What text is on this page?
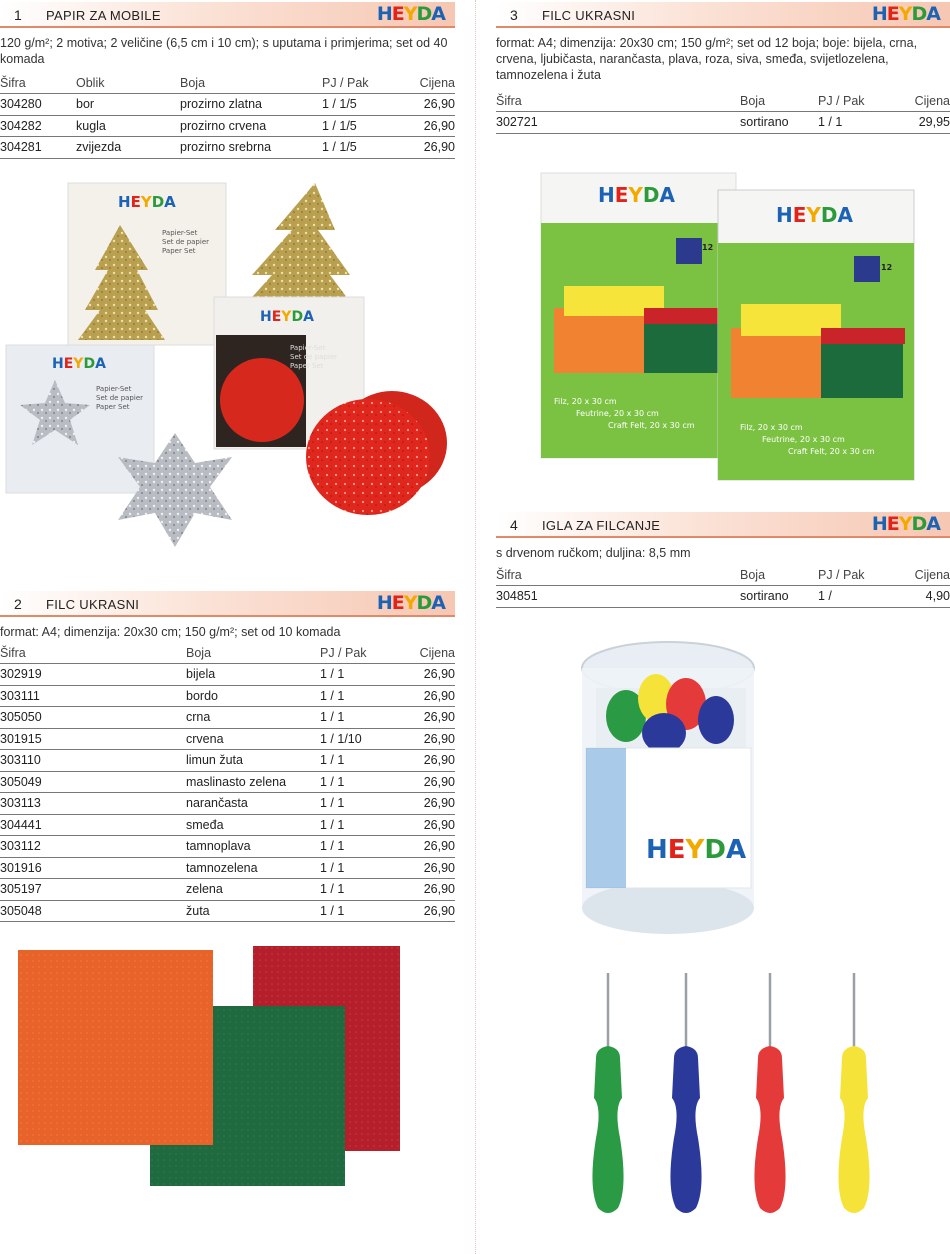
1 PAPIR ZA MOBILE	HEYDA
120 g/m²; 2 motiva; 2 veličine (6,5 cm i 10 cm); s uputama i primjerima; set od 40 komada
Šifra	Oblik	Boja	PJ / Pak	Cijena
304280	bor	prozirno zlatna	1 / 1/5	26,90
304282	kugla	prozirno crvena	1 / 1/5	26,90
304281	zvijezda	prozirno srebrna	1 / 1/5	26,90
HEYDA
Papier-Set
Set de papier
Paper Set
HEYDA
Papier-Set
Set de papier
Paper Set
HEYDA
Papier-Set
Set de papier
Paper Set
2 FILC UKRASNI	HEYDA
format: A4; dimenzija: 20x30 cm; 150 g/m²; set od 10 komada
Šifra	Boja	PJ / Pak	Cijena
302919	bijela	1 / 1	26,90
303111	bordo	1 / 1	26,90
305050	crna	1 / 1	26,90
301915	crvena	1 / 1/10	26,90
303110	limun žuta	1 / 1	26,90
305049	maslinasto zelena	1 / 1	26,90
303113	narančasta	1 / 1	26,90
304441	smeđa	1 / 1	26,90
303112	tamnoplava	1 / 1	26,90
301916	tamnozelena	1 / 1	26,90
305197	zelena	1 / 1	26,90
305048	žuta	1 / 1	26,90
3 FILC UKRASNI	HEYDA
format: A4; dimenzija: 20x30 cm; 150 g/m²; set od 12 boja; boje: bijela, crna, crvena, ljubičasta, narančasta, plava, roza, siva, smeđa, svijetlozelena, tamnozelena i žuta
Šifra	Boja	PJ / Pak	Cijena
302721	sortirano	1 / 1	29,95
HEYDA
12
Filz, 20 x 30 cm
Feutrine, 20 x 30 cm
Craft Felt, 20 x 30 cm
HEYDA
12
Filz, 20 x 30 cm
Feutrine, 20 x 30 cm
Craft Felt, 20 x 30 cm
4 IGLA ZA FILCANJE	HEYDA
s drvenom ručkom; duljina: 8,5 mm
Šifra	Boja	PJ / Pak	Cijena
304851	sortirano	1 /	4,90
HEYDA
